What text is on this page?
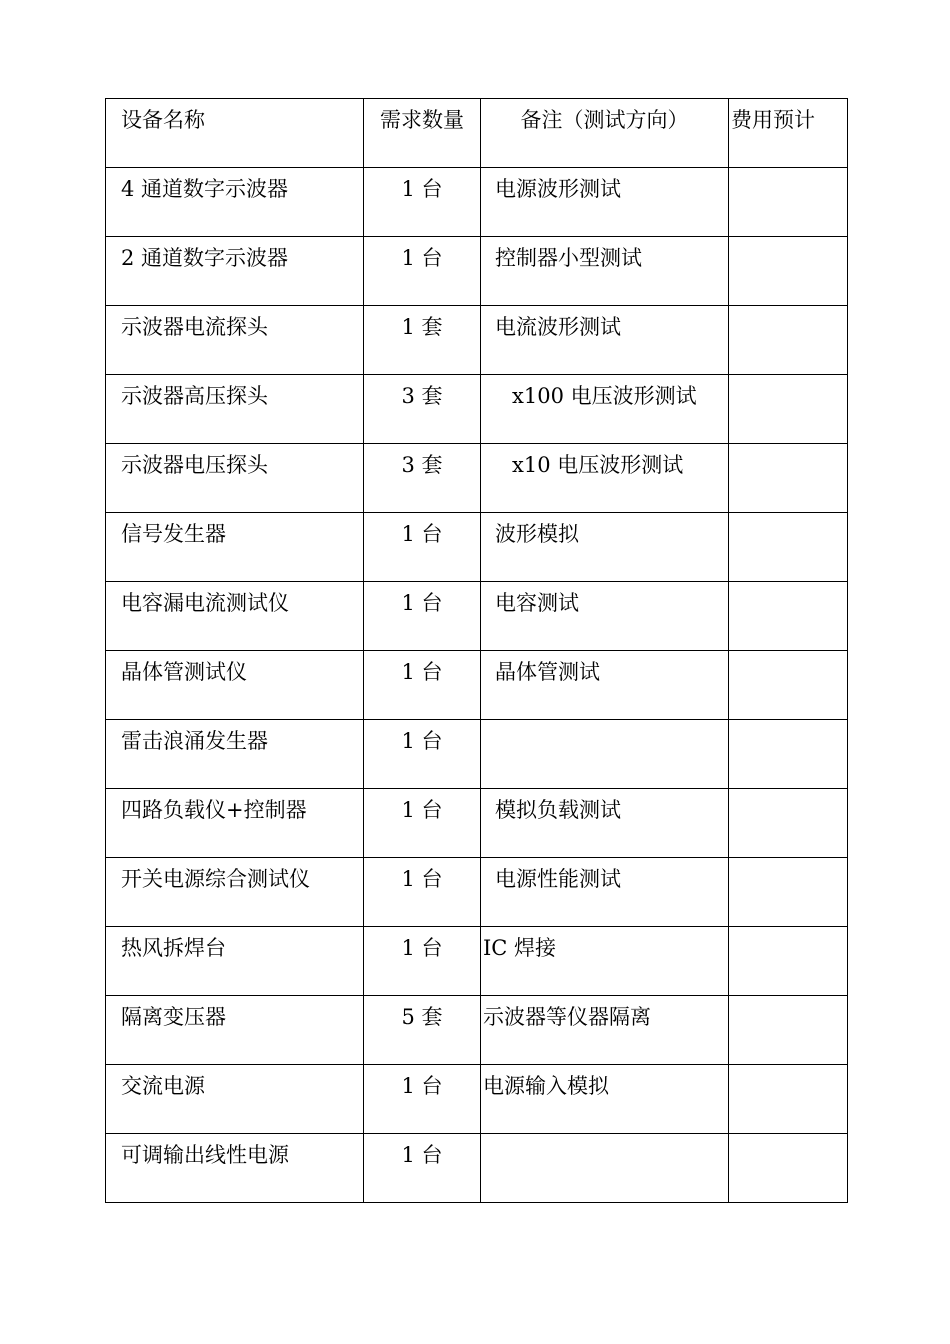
设备名称	需求数量	备注（测试方向）	费用预计

4 通道数字示波器	1 台	电源波形测试	

2 通道数字示波器	1 台	控制器小型测试	

示波器电流探头	1 套	电流波形测试	

示波器高压探头	3 套	x100 电压波形测试	

示波器电压探头	3 套	x10 电压波形测试	

信号发生器	1 台	波形模拟	

电容漏电流测试仪	1 台	电容测试	

晶体管测试仪	1 台	晶体管测试	

雷击浪涌发生器	1 台		

四路负载仪+控制器	1 台	模拟负载测试	

开关电源综合测试仪	1 台	电源性能测试	

热风拆焊台	1 台	IC 焊接	

隔离变压器	5 套	示波器等仪器隔离	

交流电源	1 台	电源输入模拟	

可调输出线性电源	1 台		
